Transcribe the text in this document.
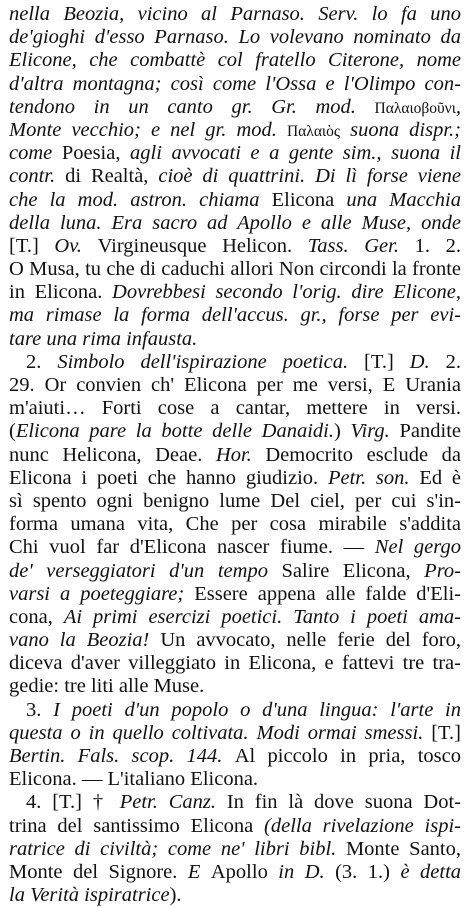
nella Beozia, vicino al Parnaso. Serv. lo fa uno
de'gioghi d'esso Parnaso. Lo volevano nominato da
Elicone, che combattè col fratello Citerone, nome
d'altra montagna; così come l'Ossa e l'Olimpo con-
tendono in un canto gr. Gr. mod. Παλαιοβοῦνι,
Monte vecchio; e nel gr. mod. Παλαιὸς suona dispr.;
come Poesia, agli avvocati e a gente sim., suona il
contr. di Realtà, cioè di quattrini. Di lì forse viene
che la mod. astron. chiama Elicona una Macchia
della luna. Era sacro ad Apollo e alle Muse, onde
[T.] Ov. Virgineusque Helicon. Tass. Ger. 1. 2.
O Musa, tu che di caduchi allori Non circondi la fronte
in Elicona. Dovrebbesi secondo l'orig. dire Elicone,
ma rimase la forma dell'accus. gr., forse per evi-
tare una rima infausta.
2. Simbolo dell'ispirazione poetica. [T.] D. 2.
29. Or convien ch' Elicona per me versi, E Urania
m'aiuti… Forti cose a cantar, mettere in versi.
(Elicona pare la botte delle Danaidi.) Virg. Pandite
nunc Helicona, Deae. Hor. Democrito esclude da
Elicona i poeti che hanno giudizio. Petr. son. Ed è
sì spento ogni benigno lume Del ciel, per cui s'in-
forma umana vita, Che per cosa mirabile s'addita
Chi vuol far d'Elicona nascer fiume. — Nel gergo
de' verseggiatori d'un tempo Salire Elicona, Pro-
varsi a poeteggiare; Essere appena alle falde d'Eli-
cona, Ai primi esercizi poetici. Tanto i poeti ama-
vano la Beozia! Un avvocato, nelle ferie del foro,
diceva d'aver villeggiato in Elicona, e fattevi tre tra-
gedie: tre liti alle Muse.
3. I poeti d'un popolo o d'una lingua: l'arte in
questa o in quello coltivata. Modi ormai smessi. [T.]
Bertin. Fals. scop. 144. Al piccolo in pria, tosco
Elicona. — L'italiano Elicona.
4. [T.] † Petr. Canz. In fin là dove suona Dot-
trina del santissimo Elicona (della rivelazione ispi-
ratrice di civiltà; come ne' libri bibl. Monte Santo,
Monte del Signore. E Apollo in D. (3. 1.) è detta
la Verità ispiratrice).
